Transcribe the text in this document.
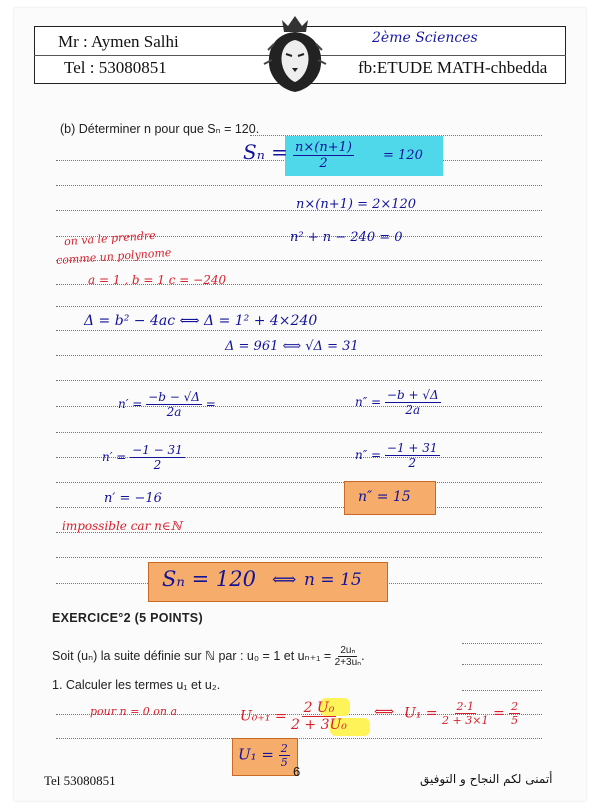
Mr : Aymen Salhi
Tel : 53080851
2ème Sciences
fb:ETUDE MATH-chbedda
(b) Déterminer n pour que Sₙ = 120.
$S_n = \frac{n\times(n+1)}{2} = 120$
n×(n+1) = 2×120
on va le prendre
comme un polynome
n² + n − 240 = 0
a = 1 , b = 1 c = −240
Δ = b² − 4ac ⟺ Δ = 1² + 4×240
Δ = 961 ⟺ √Δ = 31
$n' = \frac{-b - √\Delta}{2a}$ =	$n'' = \frac{-b + √\Delta}{2a}$
$n' = \frac{-1 - 31}{2}$	$n'' = \frac{-1 + 31}{2}$
n′ = −16	n″ = 15
impossible car n∈ℕ
Sₙ = 120 ⟺ n = 15
EXERCICE°2 (5 POINTS)
Soit (uₙ) la suite définie sur ℕ par : u₀ = 1 et $u_{n+1} = \frac{\text{2uₙ}}{\text{2+3uₙ}}$ .
1. Calculer les termes u₁ et u₂.
pour n = 0 on a	$U_{0+1} = \frac{\text{2 U₀}}{\text{2 + 3U₀}}$ ⟺ $U_1 = \frac{2\cdot 1}{2 + 3\times 1} = \frac{2}{5}$
$U_1 = \frac{2}{5}$
Tel 53080851
6	أتمنى لكم النجاح و التوفيق
